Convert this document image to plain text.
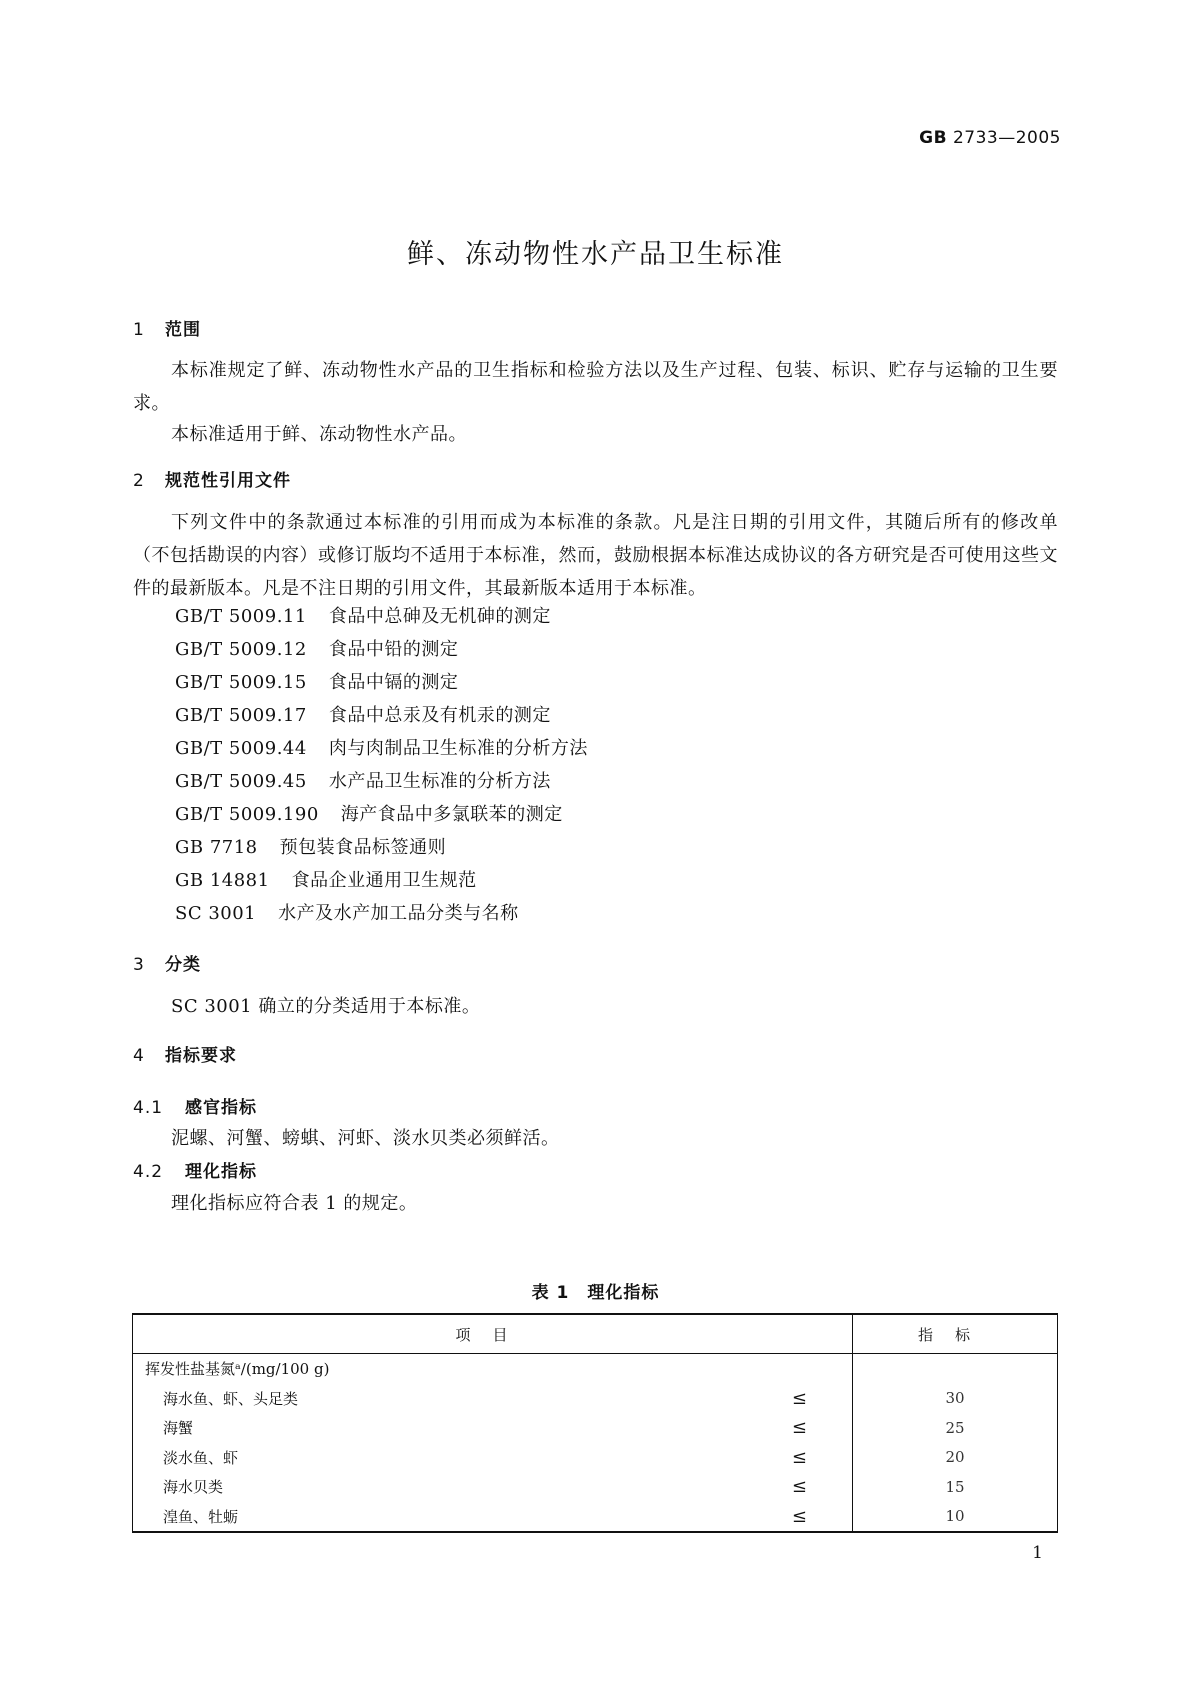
GB 2733—2005
鲜、冻动物性水产品卫生标准
1 范围
本标准规定了鲜、冻动物性水产品的卫生指标和检验方法以及生产过程、包装、标识、贮存与运输的卫生要求。
本标准适用于鲜、冻动物性水产品。
2 规范性引用文件
下列文件中的条款通过本标准的引用而成为本标准的条款。凡是注日期的引用文件，其随后所有的修改单（不包括勘误的内容）或修订版均不适用于本标准，然而，鼓励根据本标准达成协议的各方研究是否可使用这些文件的最新版本。凡是不注日期的引用文件，其最新版本适用于本标准。
GB/T 5009.11 食品中总砷及无机砷的测定
GB/T 5009.12 食品中铅的测定
GB/T 5009.15 食品中镉的测定
GB/T 5009.17 食品中总汞及有机汞的测定
GB/T 5009.44 肉与肉制品卫生标准的分析方法
GB/T 5009.45 水产品卫生标准的分析方法
GB/T 5009.190 海产食品中多氯联苯的测定
GB 7718 预包装食品标签通则
GB 14881 食品企业通用卫生规范
SC 3001 水产及水产加工品分类与名称
3 分类
SC 3001 确立的分类适用于本标准。
4 指标要求
4.1 感官指标
泥螺、河蟹、螃蜞、河虾、淡水贝类必须鲜活。
4.2 理化指标
理化指标应符合表 1 的规定。
表 1　理化指标
项目	指标
挥发性盐基氮ᵃ/(mg/100 g)	
海水鱼、虾、头足类 ≤	30
海蟹 ≤	25
淡水鱼、虾 ≤	20
海水贝类 ≤	15
湟鱼、牡蛎 ≤	10
1
